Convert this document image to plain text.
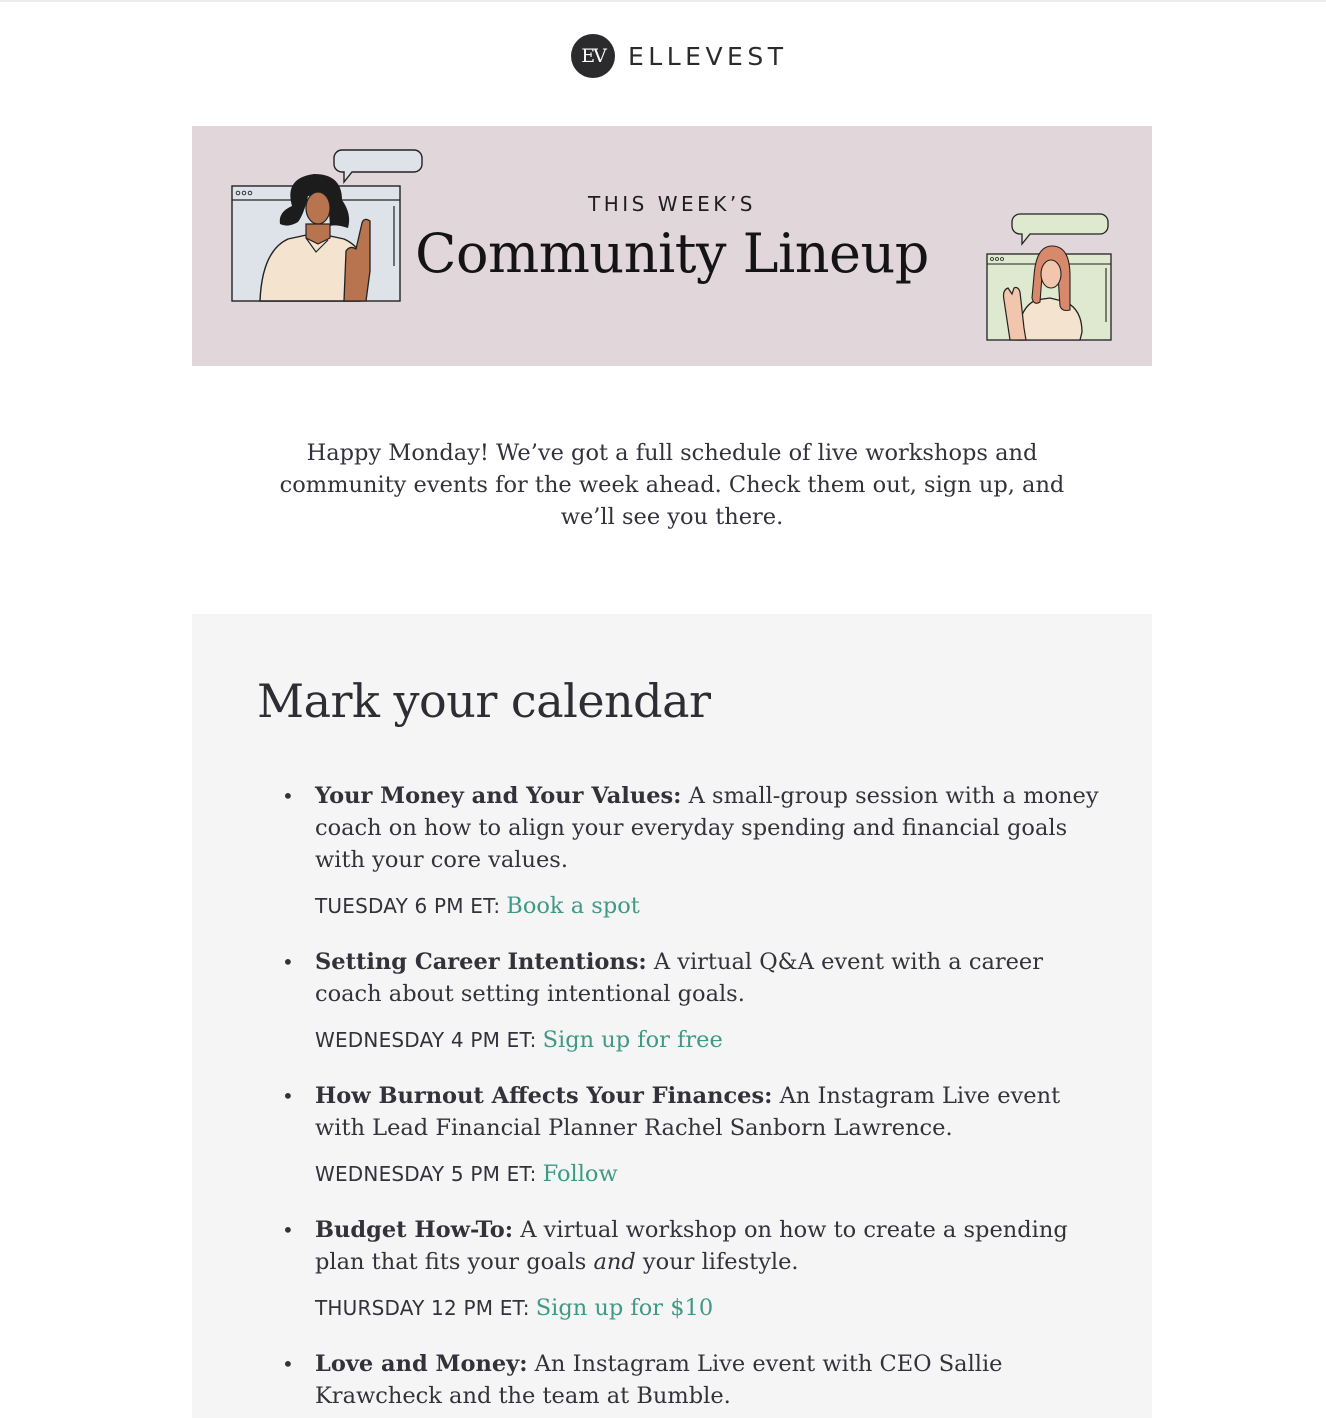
EV ELLEVEST
THIS WEEK’S
Community Lineup

Happy Monday! We’ve got a full schedule of live workshops and community events for the week ahead. Check them out, sign up, and we’ll see you there.

Mark your calendar
• Your Money and Your Values: A small-group session with a money coach on how to align your everyday spending and financial goals with your core values.

TUESDAY 6 PM ET: Book a spot
• Setting Career Intentions: A virtual Q&A event with a career coach about setting intentional goals.

WEDNESDAY 4 PM ET: Sign up for free
• How Burnout Affects Your Finances: An Instagram Live event with Lead Financial Planner Rachel Sanborn Lawrence.

WEDNESDAY 5 PM ET: Follow
• Budget How-To: A virtual workshop on how to create a spending plan that fits your goals and your lifestyle.

THURSDAY 12 PM ET: Sign up for $10
• Love and Money: An Instagram Live event with CEO Sallie Krawcheck and the team at Bumble.
